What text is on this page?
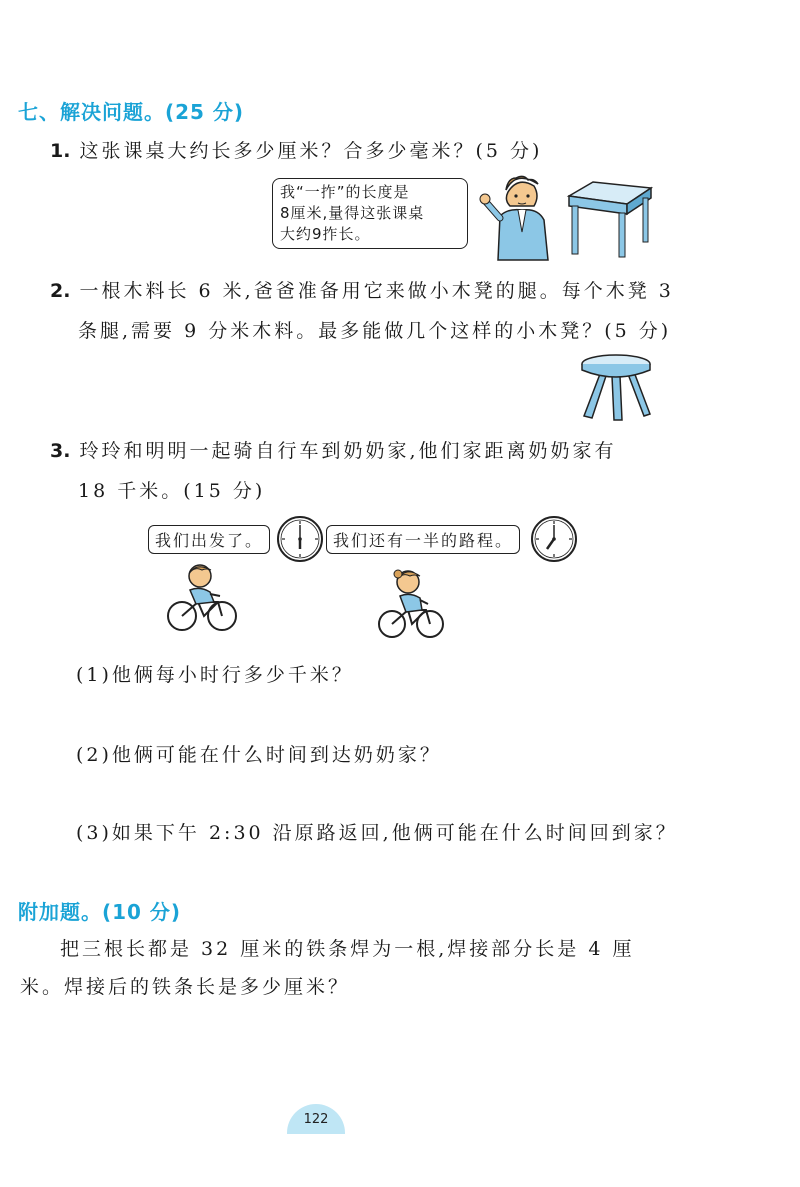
七、解决问题。(25 分)
1. 这张课桌大约长多少厘米？合多少毫米？(5 分)
我“一拃”的长度是
8厘米,量得这张课桌
大约9拃长。
2. 一根木料长 6 米,爸爸准备用它来做小木凳的腿。每个木凳 3
条腿,需要 9 分米木料。最多能做几个这样的小木凳？(5 分)
3. 玲玲和明明一起骑自行车到奶奶家,他们家距离奶奶家有
18 千米。(15 分)
我们出发了。	我们还有一半的路程。
(1)他俩每小时行多少千米？
(2)他俩可能在什么时间到达奶奶家？
(3)如果下午 2:30 沿原路返回,他俩可能在什么时间回到家？
附加题。(10 分)
把三根长都是 32 厘米的铁条焊为一根,焊接部分长是 4 厘
米。焊接后的铁条长是多少厘米？
122
